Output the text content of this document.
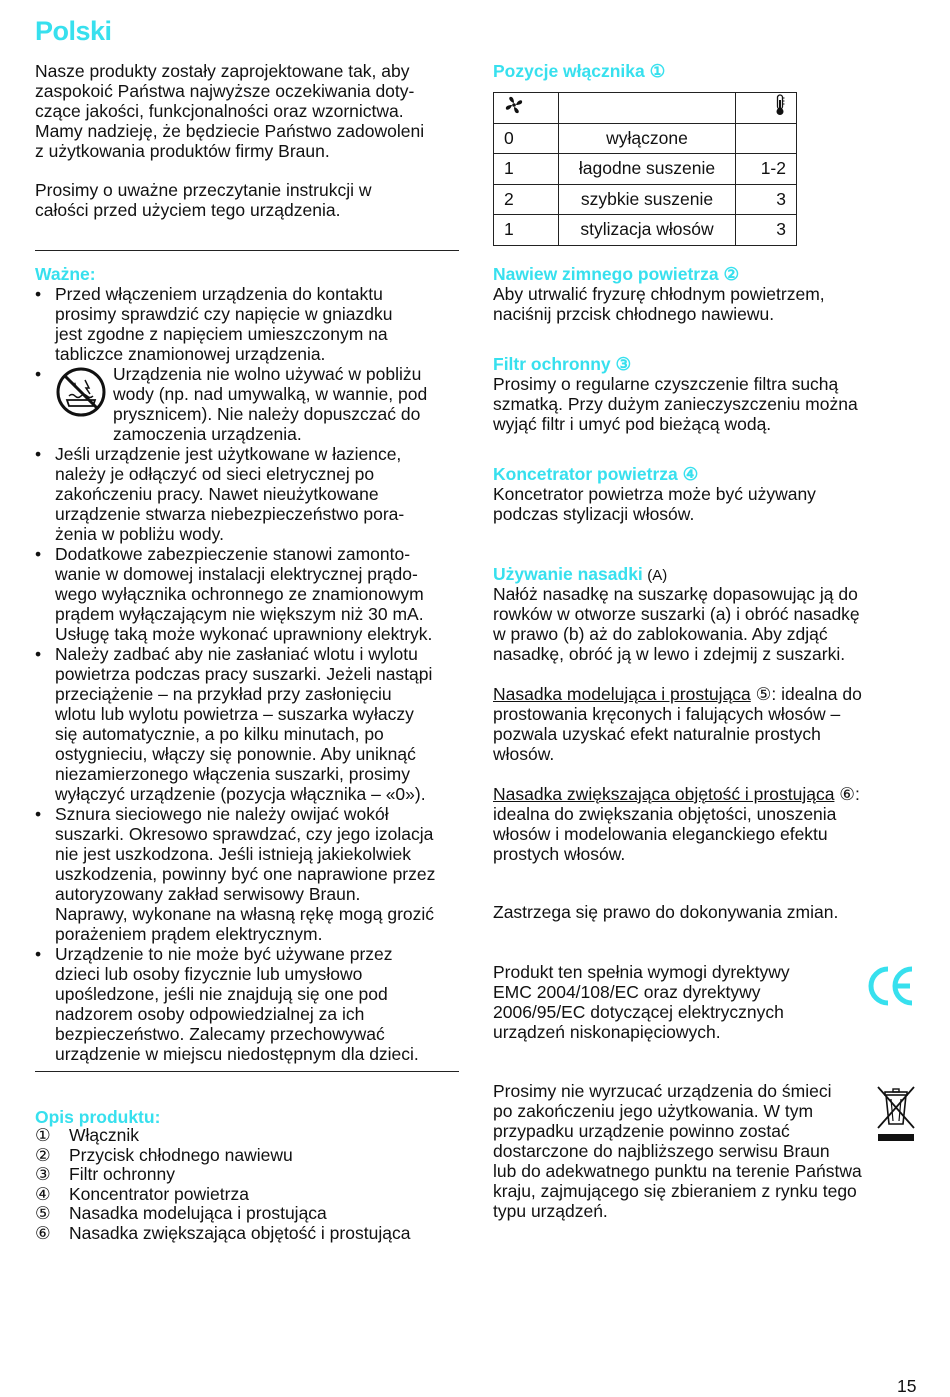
Polski
Nasze produkty zostały zaprojektowane tak, aby
zaspokoić Państwa najwyższe oczekiwania doty-
czące jakości, funkcjonalności oraz wzornictwa.
Mamy nadzieję, że będziecie Państwo zadowoleni
z użytkowania produktów firmy Braun.
Prosimy o uważne przeczytanie instrukcji w
całości przed użyciem tego urządzenia.
Ważne:
• Przed włączeniem urządzenia do kontaktu
prosimy sprawdzić czy napięcie w gniazdku
jest zgodne z napięciem umieszczonym na
tabliczce znamionowej urządzenia.
• Urządzenia nie wolno używać w pobliżu
wody (np. nad umywalką, w wannie, pod
prysznicem). Nie należy dopuszczać do
zamoczenia urządzenia.
• Jeśli urządzenie jest użytkowane w łazience,
należy je odłączyć od sieci eletrycznej po
zakończeniu pracy. Nawet nieużytkowane
urządzenie stwarza niebezpieczeństwo pora-
żenia w pobliżu wody.
• Dodatkowe zabezpieczenie stanowi zamonto-
wanie w domowej instalacji elektrycznej prądo-
wego wyłącznika ochronnego ze znamionowym
prądem wyłączającym nie większym niż 30 mA.
Usługę taką może wykonać uprawniony elektryk.
• Należy zadbać aby nie zasłaniać wlotu i wylotu
powietrza podczas pracy suszarki. Jeżeli nastąpi
przeciążenie – na przykład przy zasłonięciu
wlotu lub wylotu powietrza – suszarka wyłaczy
się automatycznie, a po kilku minutach, po
ostygnieciu, włączy się ponownie. Aby uniknąć
niezamierzonego włączenia suszarki, prosimy
wyłączyć urządzenie (pozycja włącznika – «0»).
• Sznura sieciowego nie należy owijać wokół
suszarki. Okresowo sprawdzać, czy jego izolacja
nie jest uszkodzona. Jeśli istnieją jakiekolwiek
uszkodzenia, powinny być one naprawione przez
autoryzowany zakład serwisowy Braun.
Naprawy, wykonane na własną rękę mogą grozić
porażeniem prądem elektrycznym.
• Urządzenie to nie może być używane przez
dzieci lub osoby fizycznie lub umysłowo
upośledzone, jeśli nie znajdują się one pod
nadzorem osoby odpowiedzialnej za ich
bezpieczeństwo. Zalecamy przechowywać
urządzenie w miejscu niedostępnym dla dzieci.
Opis produktu:
① Włącznik
② Przycisk chłodnego nawiewu
③ Filtr ochronny
④ Koncentrator powietrza
⑤ Nasadka modelująca i prostująca
⑥ Nasadka zwiększająca objętość i prostująca
Pozycje włącznika ①

0	wyłączone	
1	łagodne suszenie	1-2
2	szybkie suszenie	3
1	stylizacja włosów	3
Nawiew zimnego powietrza ②
Aby utrwalić fryzurę chłodnym powietrzem,
naciśnij przcisk chłodnego nawiewu.
Filtr ochronny ③
Prosimy o regularne czyszczenie filtra suchą
szmatką. Przy dużym zanieczyszczeniu można
wyjąć filtr i umyć pod bieżącą wodą.
Koncetrator powietrza ④
Koncetrator powietrza może być używany
podczas stylizacji włosów.
Używanie nasadki (A)
Nałóż nasadkę na suszarkę dopasowując ją do
rowków w otworze suszarki (a) i obróć nasadkę
w prawo (b) aż do zablokowania. Aby zdjąć
nasadkę, obróć ją w lewo i zdejmij z suszarki.
Nasadka modelująca i prostująca ⑤: idealna do
prostowania kręconych i falujących włosów –
pozwala uzyskać efekt naturalnie prostych
włosów.
Nasadka zwiększająca objętość i prostująca ⑥:
idealna do zwiększania objętości, unoszenia
włosów i modelowania eleganckiego efektu
prostych włosów.
Zastrzega się prawo do dokonywania zmian.
Produkt ten spełnia wymogi dyrektywy
EMC 2004/108/EC oraz dyrektywy
2006/95/EC dotyczącej elektrycznych
urządzeń niskonapięciowych.
Prosimy nie wyrzucać urządzenia do śmieci
po zakończeniu jego użytkowania. W tym
przypadku urządzenie powinno zostać
dostarczone do najbliższego serwisu Braun
lub do adekwatnego punktu na terenie Państwa
kraju, zajmującego się zbieraniem z rynku tego
typu urządzeń.
15
